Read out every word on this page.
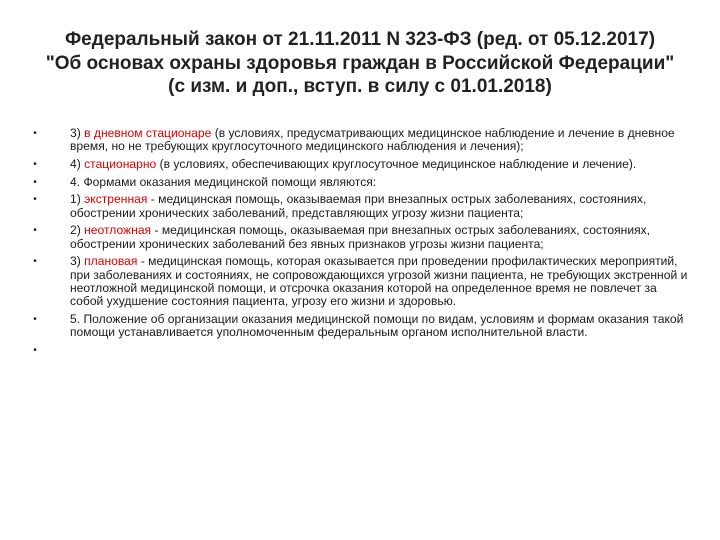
Федеральный закон от 21.11.2011 N 323-ФЗ (ред. от 05.12.2017)
"Об основах охраны здоровья граждан в Российской Федерации"
(с изм. и доп., вступ. в силу с 01.01.2018)
•	3) в дневном стационаре (в условиях, предусматривающих медицинское наблюдение и лечение в дневное время, но не требующих круглосуточного медицинского наблюдения и лечения);
•	4) стационарно (в условиях, обеспечивающих круглосуточное медицинское наблюдение и лечение).
•	4. Формами оказания медицинской помощи являются:
•	1) экстренная - медицинская помощь, оказываемая при внезапных острых заболеваниях, состояниях, обострении хронических заболеваний, представляющих угрозу жизни пациента;
•	2) неотложная - медицинская помощь, оказываемая при внезапных острых заболеваниях, состояниях, обострении хронических заболеваний без явных признаков угрозы жизни пациента;
•	3) плановая - медицинская помощь, которая оказывается при проведении профилактических мероприятий, при заболеваниях и состояниях, не сопровождающихся угрозой жизни пациента, не требующих экстренной и неотложной медицинской помощи, и отсрочка оказания которой на определенное время не повлечет за собой ухудшение состояния пациента, угрозу его жизни и здоровью.
•	5. Положение об организации оказания медицинской помощи по видам, условиям и формам оказания такой помощи устанавливается уполномоченным федеральным органом исполнительной власти.
•
